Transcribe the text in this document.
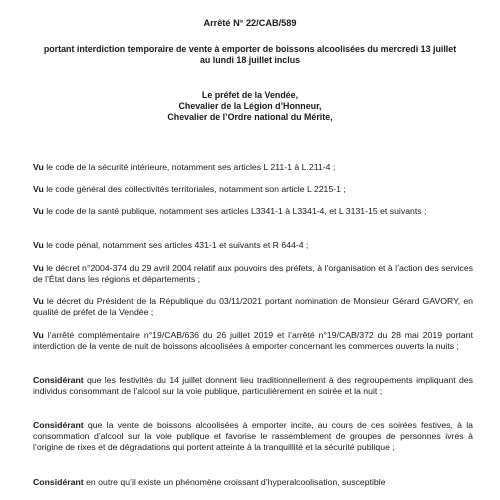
Arrêté N° 22/CAB/589
portant interdiction temporaire de vente à emporter de boissons alcoolisées du mercredi 13 juillet au lundi 18 juillet inclus
Le préfet de la Vendée,
Chevalier de la Légion d’Honneur,
Chevalier de l’Ordre national du Mérite,
Vu le code de la sécurité intérieure, notamment ses articles L 211-1 à L.211-4 ;
Vu le code général des collectivités territoriales, notamment son article L 2215-1 ;
Vu le code de la santé publique, notamment ses articles L3341-1 à L3341-4, et L 3131-15 et suivants ;
Vu le code pénal, notamment ses articles 431-1 et suivants et R 644-4 ;
Vu le décret n°2004-374 du 29 avril 2004 relatif aux pouvoirs des préfets, à l’organisation et à l’action des services de l’État dans les régions et départements ;
Vu le décret du Président de la République du 03/11/2021 portant nomination de Monsieur Gérard GAVORY, en qualité de préfet de la Vendée ;
Vu l’arrêté complémentaire n°19/CAB/636 du 26 juillet 2019 et l’arrêté n°19/CAB/372 du 28 mai 2019 portant interdiction de la vente de nuit de boissons alcoolisées à emporter concernant les commerces ouverts la nuits ;
Considérant que les festivités du 14 juillet donnent lieu traditionnellement à des regroupements impliquant des individus consommant de l’alcool sur la voie publique, particulièrement en soirée et la nuit ;
Considérant que la vente de boissons alcoolisées à emporter incite, au cours de ces soirées festives, à la consommation d’alcool sur la voie publique et favorise le rassemblement de groupes de personnes ivres à l’origine de rixes et de dégradations qui portent atteinte à la tranquillité et la sécurité publique ;
Considérant en outre qu’il existe un phénomène croissant d’hyperalcoolisation, susceptible
